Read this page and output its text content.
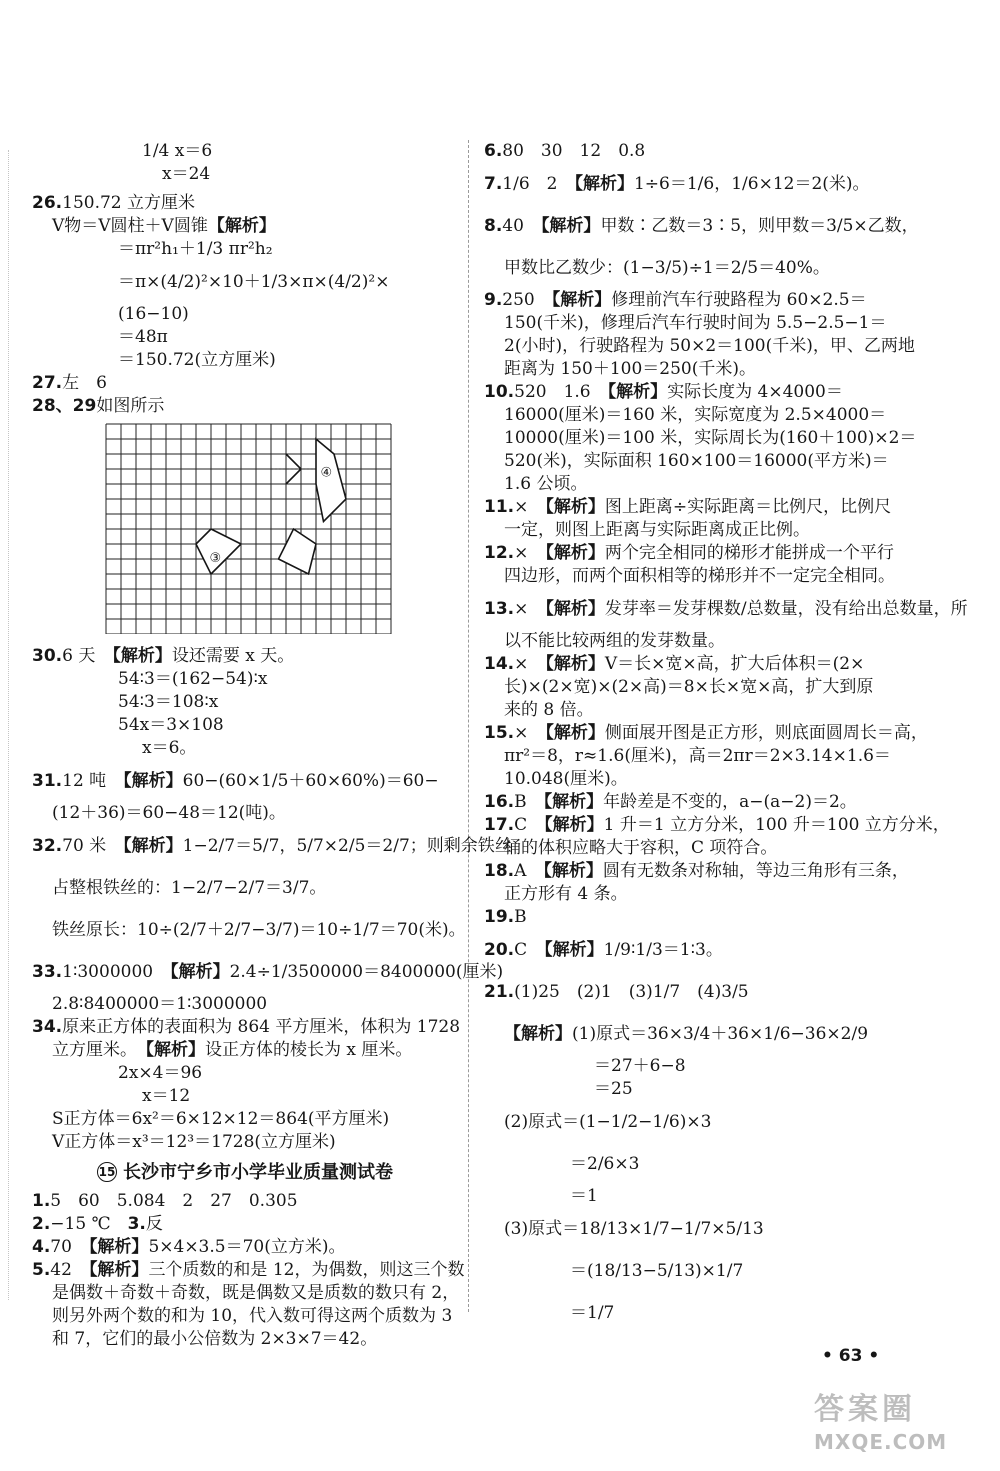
1/4 x＝6
x＝24
26.150.72 立方厘米
V物＝V圆柱＋V圆锥【解析】
＝πr²h₁＋1/3 πr²h₂
＝π×(4/2)²×10＋1/3×π×(4/2)²×
(16−10)
＝48π
＝150.72(立方厘米)
27.左　6
28、29如图所示
④
③
30.6 天　【解析】设还需要 x 天。
54∶3＝(162−54)∶x
54∶3＝108∶x
54x＝3×108
x＝6。
31.12 吨　【解析】60−(60×1/5＋60×60%)＝60−
(12＋36)＝60−48＝12(吨)。
32.70 米　【解析】1−2/7＝5/7，5/7×2/5＝2/7；则剩余铁丝
占整根铁丝的：1−2/7−2/7＝3/7。
铁丝原长：10÷(2/7＋2/7−3/7)＝10÷1/7＝70(米)。
33.1∶3000000　【解析】2.4÷1/3500000＝8400000(厘米)
2.8∶8400000＝1∶3000000
34.原来正方体的表面积为 864 平方厘米，体积为 1728
立方厘米。　【解析】设正方体的棱长为 x 厘米。
2x×4＝96
x＝12
S正方体＝6x²＝6×12×12＝864(平方厘米)
V正方体＝x³＝12³＝1728(立方厘米)
15 长沙市宁乡市小学毕业质量测试卷
1.5　60　5.084　2　27　0.305
2.−15 ℃　3.反
4.70　【解析】5×4×3.5＝70(立方米)。
5.42　【解析】三个质数的和是 12，为偶数，则这三个数
是偶数＋奇数＋奇数，既是偶数又是质数的数只有 2，
则另外两个数的和为 10，代入数可得这两个质数为 3
和 7，它们的最小公倍数为 2×3×7＝42。
6.80　30　12　0.8
7.1/6　2　【解析】1÷6＝1/6，1/6×12＝2(米)。
8.40　【解析】甲数∶乙数＝3∶5，则甲数＝3/5×乙数，
甲数比乙数少：(1−3/5)÷1＝2/5＝40%。
9.250　【解析】修理前汽车行驶路程为 60×2.5＝
150(千米)，修理后汽车行驶时间为 5.5−2.5−1＝
2(小时)，行驶路程为 50×2＝100(千米)，甲、乙两地
距离为 150＋100＝250(千米)。
10.520　1.6　【解析】实际长度为 4×4000＝
16000(厘米)＝160 米，实际宽度为 2.5×4000＝
10000(厘米)＝100 米，实际周长为(160＋100)×2＝
520(米)，实际面积 160×100＝16000(平方米)＝
1.6 公顷。
11.×　【解析】图上距离÷实际距离＝比例尺，比例尺
一定，则图上距离与实际距离成正比例。
12.×　【解析】两个完全相同的梯形才能拼成一个平行
四边形，而两个面积相等的梯形并不一定完全相同。
13.×　【解析】发芽率＝发芽棵数/总数量，没有给出总数量，所
以不能比较两组的发芽数量。
14.×　【解析】V＝长×宽×高，扩大后体积＝(2×
长)×(2×宽)×(2×高)＝8×长×宽×高，扩大到原
来的 8 倍。
15.×　【解析】侧面展开图是正方形，则底面圆周长＝高，
πr²＝8，r≈1.6(厘米)，高＝2πr＝2×3.14×1.6＝
10.048(厘米)。
16.B　【解析】年龄差是不变的，a−(a−2)＝2。
17.C　【解析】1 升＝1 立方分米，100 升＝100 立方分米，
桶的体积应略大于容积，C 项符合。
18.A　【解析】圆有无数条对称轴，等边三角形有三条，
正方形有 4 条。
19.B
20.C　【解析】1/9∶1/3＝1∶3。
21.(1)25　(2)1　(3)1/7　(4)3/5
【解析】(1)原式＝36×3/4＋36×1/6−36×2/9
＝27＋6−8
＝25
(2)原式＝(1−1/2−1/6)×3
＝2/6×3
＝1
(3)原式＝18/13×1/7−1/7×5/13
＝(18/13−5/13)×1/7
＝1/7
• 63 •
答案圈
MXQE.COM
